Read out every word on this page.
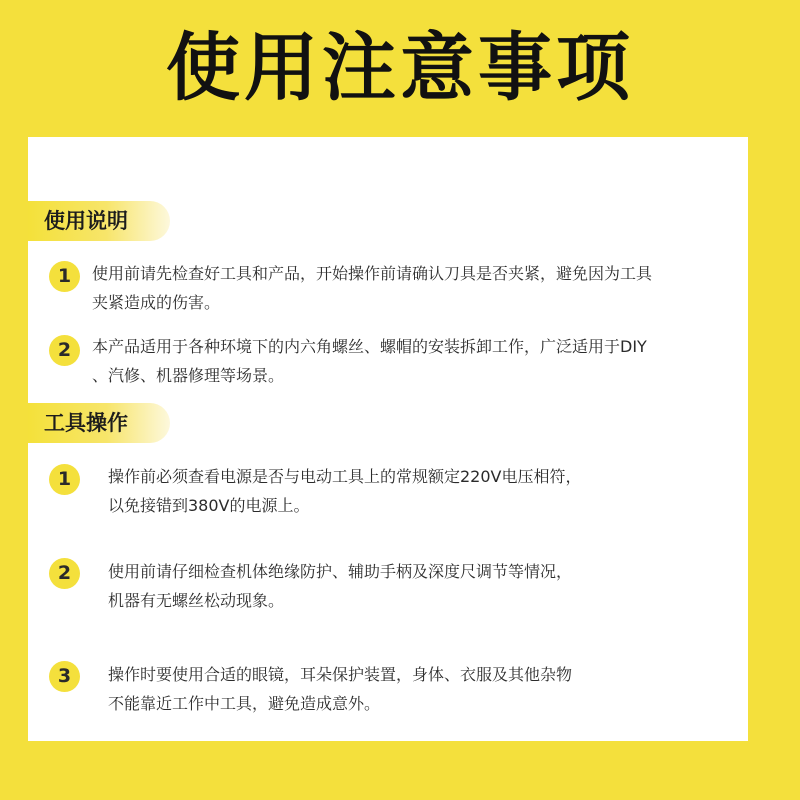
使用注意事项
使用说明
1	使用前请先检查好工具和产品，开始操作前请确认刀具是否夹紧，避免因为工具
夹紧造成的伤害。
2	本产品适用于各种环境下的内六角螺丝、螺帽的安装拆卸工作，广泛适用于DIY
、汽修、机器修理等场景。
工具操作
1	操作前必须查看电源是否与电动工具上的常规额定220V电压相符，
以免接错到380V的电源上。
2	使用前请仔细检查机体绝缘防护、辅助手柄及深度尺调节等情况，
机器有无螺丝松动现象。
3	操作时要使用合适的眼镜，耳朵保护装置，身体、衣服及其他杂物
不能靠近工作中工具，避免造成意外。
